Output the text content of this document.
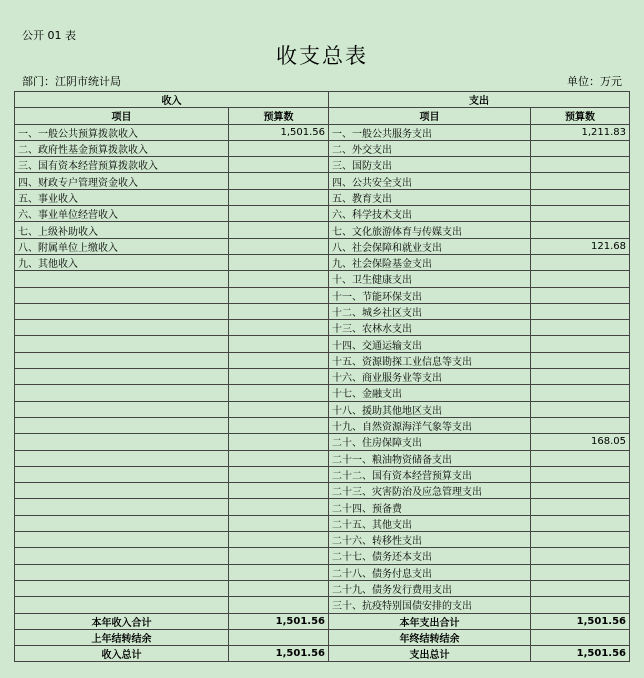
公开 01 表
收支总表
部门：江阴市统计局	单位：万元
收入		支出	
项目	预算数	项目	预算数
一、一般公共预算拨款收入	1,501.56	一、一般公共服务支出	1,211.83
二、政府性基金预算拨款收入		二、外交支出	
三、国有资本经营预算拨款收入		三、国防支出	
四、财政专户管理资金收入		四、公共安全支出	
五、事业收入		五、教育支出	
六、事业单位经营收入		六、科学技术支出	
七、上级补助收入		七、文化旅游体育与传媒支出	
八、附属单位上缴收入		八、社会保障和就业支出	121.68
九、其他收入		九、社会保险基金支出	
		十、卫生健康支出	
		十一、节能环保支出	
		十二、城乡社区支出	
		十三、农林水支出	
		十四、交通运输支出	
		十五、资源勘探工业信息等支出	
		十六、商业服务业等支出	
		十七、金融支出	
		十八、援助其他地区支出	
		十九、自然资源海洋气象等支出	
		二十、住房保障支出	168.05
		二十一、粮油物资储备支出	
		二十二、国有资本经营预算支出	
		二十三、灾害防治及应急管理支出	
		二十四、预备费	
		二十五、其他支出	
		二十六、转移性支出	
		二十七、债务还本支出	
		二十八、债务付息支出	
		二十九、债务发行费用支出	
		三十、抗疫特别国债安排的支出	
本年收入合计	1,501.56	本年支出合计	1,501.56
上年结转结余		年终结转结余	
收入总计	1,501.56	支出总计	1,501.56
